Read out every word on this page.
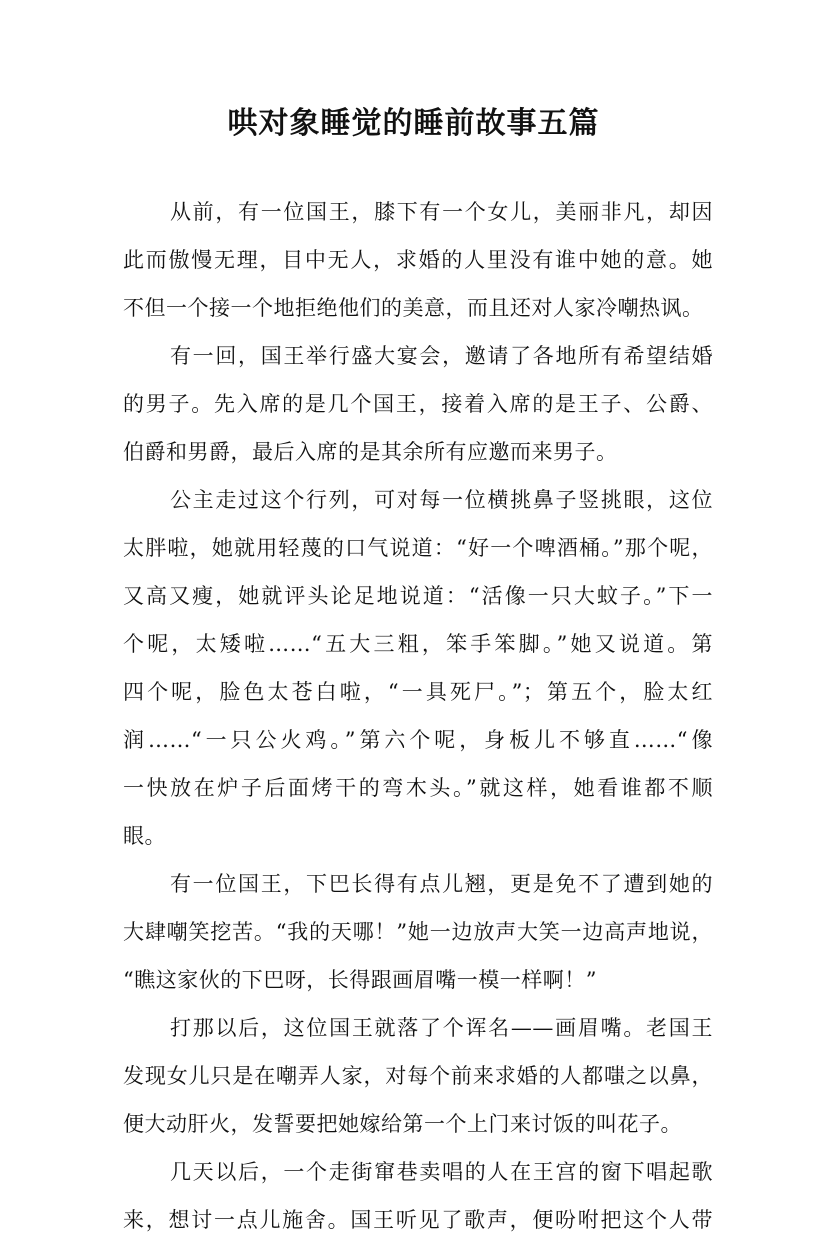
哄对象睡觉的睡前故事五篇
从前，有一位国王，膝下有一个女儿，美丽非凡，却因
此而傲慢无理，目中无人，求婚的人里没有谁中她的意。她
不但一个接一个地拒绝他们的美意，而且还对人家冷嘲热讽。
有一回，国王举行盛大宴会，邀请了各地所有希望结婚
的男子。先入席的是几个国王，接着入席的是王子、公爵、
伯爵和男爵，最后入席的是其余所有应邀而来男子。
公主走过这个行列，可对每一位横挑鼻子竖挑眼，这位
太胖啦，她就用轻蔑的口气说道：“好一个啤酒桶。”那个呢，
又高又瘦，她就评头论足地说道：“活像一只大蚊子。”下一
个呢，太矮啦……“五大三粗，笨手笨脚。”她又说道。第
四个呢，脸色太苍白啦，“一具死尸。”；第五个，脸太红
润……“一只公火鸡。”第六个呢，身板儿不够直……“像
一快放在炉子后面烤干的弯木头。”就这样，她看谁都不顺
眼。
有一位国王，下巴长得有点儿翘，更是免不了遭到她的
大肆嘲笑挖苦。“我的天哪！”她一边放声大笑一边高声地说，
“瞧这家伙的下巴呀，长得跟画眉嘴一模一样啊！”
打那以后，这位国王就落了个诨名——画眉嘴。老国王
发现女儿只是在嘲弄人家，对每个前来求婚的人都嗤之以鼻，
便大动肝火，发誓要把她嫁给第一个上门来讨饭的叫花子。
几天以后，一个走街窜巷卖唱的人在王宫的窗下唱起歌
来，想讨一点儿施舍。国王听见了歌声，便吩咐把这个人带
